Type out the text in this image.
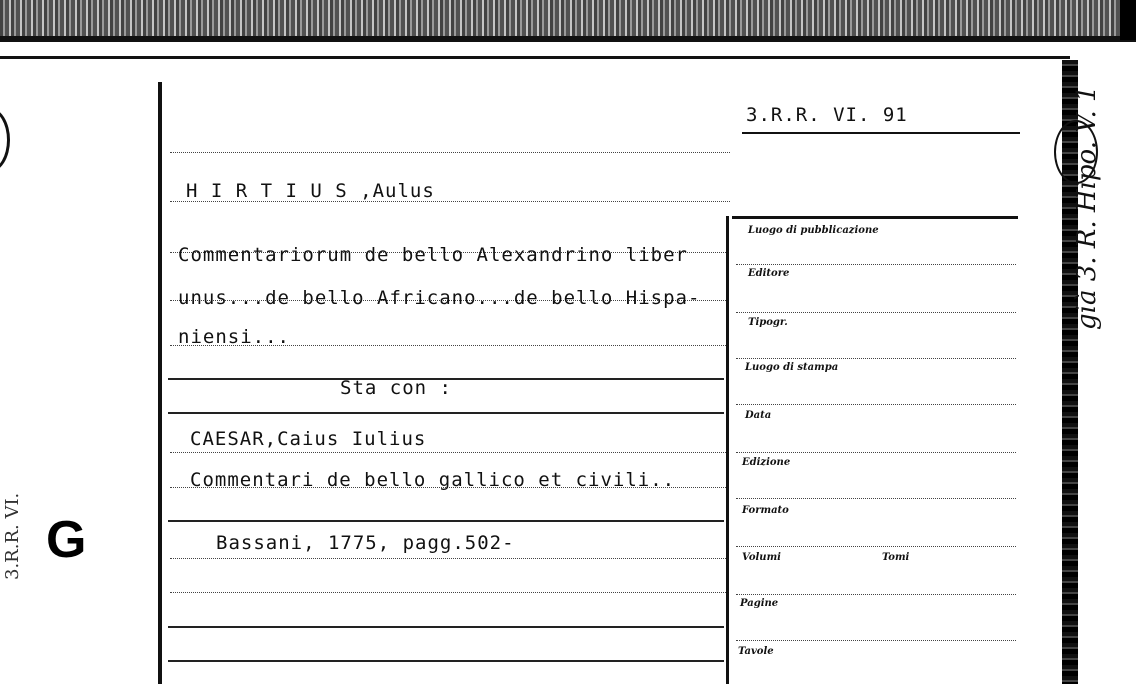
3.R.R. VI. 91
H I R T I U S ,Aulus
Commentariorum de bello Alexandrino liber
unus...de bello Africano...de bello Hispa-
niensi...
Sta con :
CAESAR,Caius Iulius
Commentari de bello gallico et civili..
Bassani, 1775, pagg.502-
Luogo di pubblicazione
Editore
Tipogr.
Luogo di stampa
Data
Edizione
Formato
Volumi	Tomi
Pagine
Tavole
G
già 3. R. Hipo. V. 1
3.R.R. VI.
